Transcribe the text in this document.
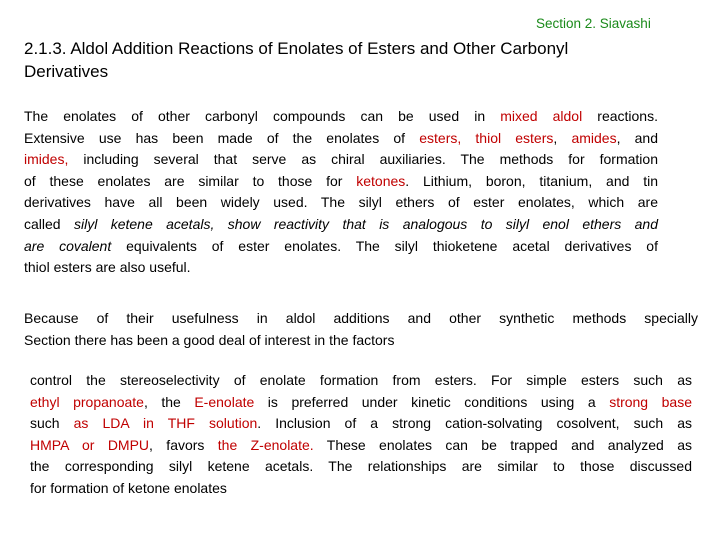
Section 2. Siavashi
2.1.3. Aldol Addition Reactions of Enolates of Esters and Other Carbonyl
Derivatives
The enolates of other carbonyl compounds can be used in mixed aldol reactions.
Extensive use has been made of the enolates of esters, thiol esters, amides, and
imides, including several that serve as chiral auxiliaries. The methods for formation
of these enolates are similar to those for ketones. Lithium, boron, titanium, and tin
derivatives have all been widely used. The silyl ethers of ester enolates, which are
called silyl ketene acetals, show reactivity that is analogous to silyl enol ethers and
are covalent equivalents of ester enolates. The silyl thioketene acetal derivatives of
thiol esters are also useful.
Because of their usefulness in aldol additions and other synthetic methods specially
Section there has been a good deal of interest in the factors
control the stereoselectivity of enolate formation from esters. For simple esters such as
ethyl propanoate, the E-enolate is preferred under kinetic conditions using a strong base
such as LDA in THF solution. Inclusion of a strong cation-solvating cosolvent, such as
HMPA or DMPU, favors the Z-enolate. These enolates can be trapped and analyzed as
the corresponding silyl ketene acetals. The relationships are similar to those discussed
for formation of ketone enolates
